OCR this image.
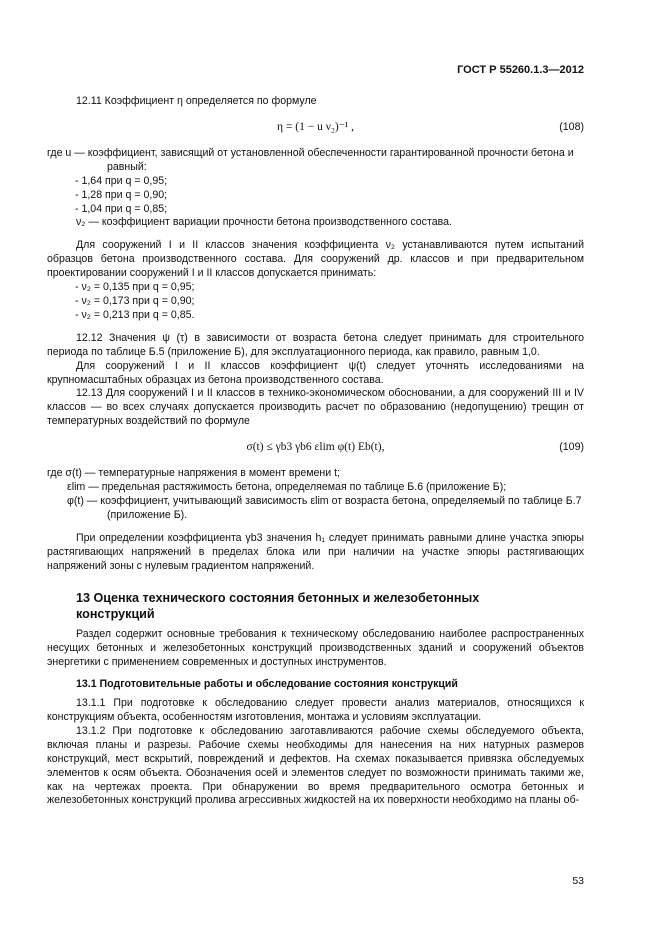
ГОСТ Р 55260.1.3—2012

12.11 Коэффициент η определяется по формуле

η = (1 − u ν₂)⁻¹ ,	(108)
где u — коэффициент, зависящий от установленной обеспеченности гарантированной прочности бетона и равный:
- 1,64 при q = 0,95;
- 1,28 при q = 0,90;
- 1,04 при q = 0,85;

ν₂ — коэффициент вариации прочности бетона производственного состава.

Для сооружений I и II классов значения коэффициента ν₂ устанавливаются путем испытаний образцов бетона производственного состава. Для сооружений др. классов и при предварительном проектировании сооружений I и II классов допускается принимать:

- ν₂ = 0,135 при q = 0,95;
- ν₂ = 0,173 при q = 0,90;
- ν₂ = 0,213 при q = 0,85.

12.12 Значения ψ (τ) в зависимости от возраста бетона следует принимать для строительного периода по таблице Б.5 (приложение Б), для эксплуатационного периода, как правило, равным 1,0.

Для сооружений I и II классов коэффициент ψ(t) следует уточнять исследованиями на крупномасштабных образцах из бетона производственного состава.

12.13 Для сооружений I и II классов в технико-экономическом обосновании, а для сооружений III и IV классов — во всех случаях допускается производить расчет по образованию (недопущению) трещин от температурных воздействий по формуле

σ(t) ≤ γb3 γb6 εlim φ(t) Eb(t),	(109)
где σ(t) — температурные напряжения в момент времени t;
εlim — предельная растяжимость бетона, определяемая по таблице Б.6 (приложение Б);
φ(t) — коэффициент, учитывающий зависимость εlim от возраста бетона, определяемый по таблице Б.7 (приложение Б).

При определении коэффициента γb3 значения h₁ следует принимать равными длине участка эпюры растягивающих напряжений в пределах блока или при наличии на участке эпюры растягивающих напряжений зоны с нулевым градиентом напряжений.

13 Оценка технического состояния бетонных и железобетонных
конструкций

Раздел содержит основные требования к техническому обследованию наиболее распространенных несущих бетонных и железобетонных конструкций производственных зданий и сооружений объектов энергетики с применением современных и доступных инструментов.

13.1 Подготовительные работы и обследование состояния конструкций

13.1.1 При подготовке к обследованию следует провести анализ материалов, относящихся к конструкциям объекта, особенностям изготовления, монтажа и условиям эксплуатации.

13.1.2 При подготовке к обследованию заготавливаются рабочие схемы обследуемого объекта, включая планы и разрезы. Рабочие схемы необходимы для нанесения на них натурных размеров конструкций, мест вскрытий, повреждений и дефектов. На схемах показывается привязка обследуемых элементов к осям объекта. Обозначения осей и элементов следует по возможности принимать такими же, как на чертежах проекта. При обнаружении во время предварительного осмотра бетонных и железобетонных конструкций пролива агрессивных жидкостей на их поверхности необходимо на планы об-

53
